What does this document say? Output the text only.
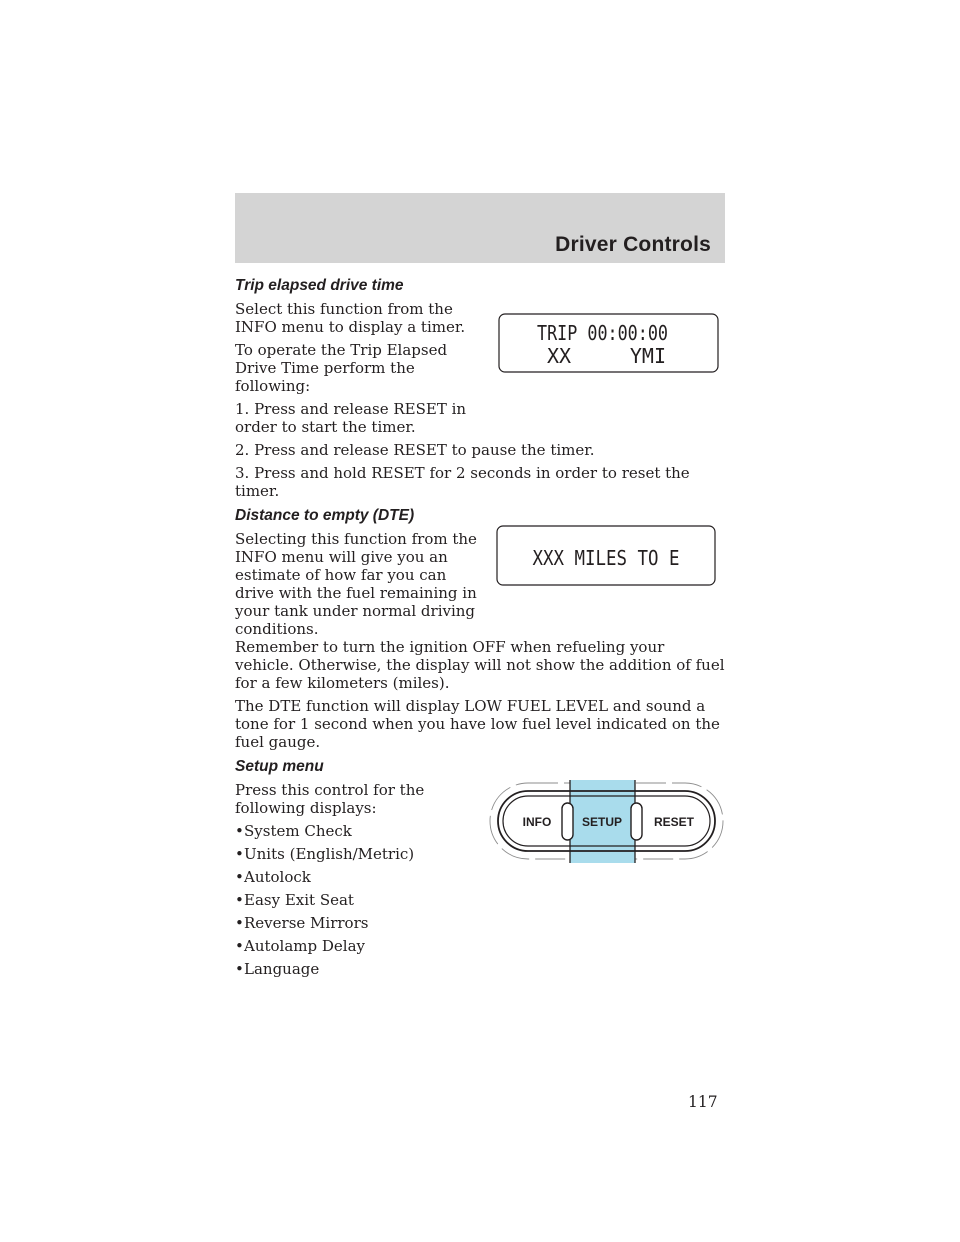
Driver Controls
Trip elapsed drive time
Select this function from the INFO menu to display a timer.
To operate the Trip Elapsed Drive Time perform the following:
1. Press and release RESET in order to start the timer.
2. Press and release RESET to pause the timer.
3. Press and hold RESET for 2 seconds in order to reset the timer.
TRIP 00:00:00
XX	YMI
Distance to empty (DTE)
Selecting this function from the INFO menu will give you an estimate of how far you can drive with the fuel remaining in your tank under normal driving conditions.
Remember to turn the ignition OFF when refueling your vehicle. Otherwise, the display will not show the addition of fuel for a few kilometers (miles).
The DTE function will display LOW FUEL LEVEL and sound a tone for 1 second when you have low fuel level indicated on the fuel gauge.
XXX MILES TO E
Setup menu
Press this control for the following displays:
• System Check
• Units (English/Metric)
• Autolock
• Easy Exit Seat
• Reverse Mirrors
• Autolamp Delay
• Language
INFO	SETUP	RESET
117
